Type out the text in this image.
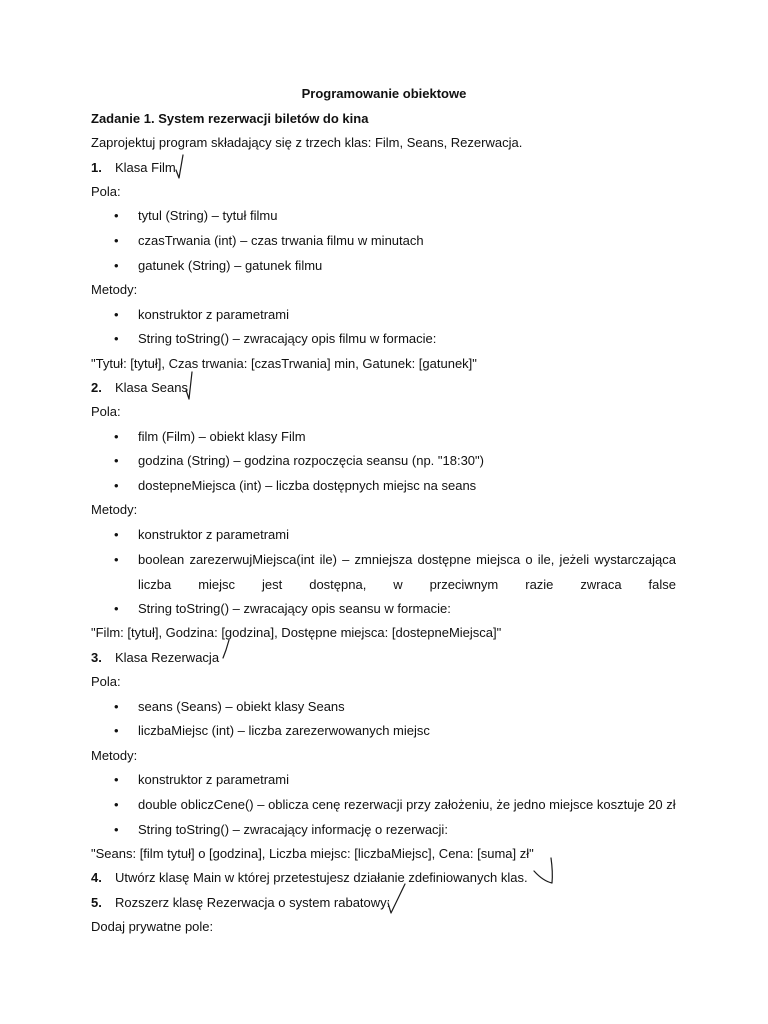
Programowanie obiektowe
Zadanie 1. System rezerwacji biletów do kina
Zaprojektuj program składający się z trzech klas: Film, Seans, Rezerwacja.
1. Klasa Film
Pola:
• tytul (String) – tytuł filmu
• czasTrwania (int) – czas trwania filmu w minutach
• gatunek (String) – gatunek filmu
Metody:
• konstruktor z parametrami
• String toString() – zwracający opis filmu w formacie:
"Tytuł: [tytuł], Czas trwania: [czasTrwania] min, Gatunek: [gatunek]"
2. Klasa Seans
Pola:
• film (Film) – obiekt klasy Film
• godzina (String) – godzina rozpoczęcia seansu (np. "18:30")
• dostepneMiejsca (int) – liczba dostępnych miejsc na seans
Metody:
• konstruktor z parametrami
• boolean zarezerwujMiejsca(int ile) – zmniejsza dostępne miejsca o ile, jeżeli wystarczająca liczba miejsc jest dostępna, w przeciwnym razie zwraca false
• String toString() – zwracający opis seansu w formacie:
"Film: [tytuł], Godzina: [godzina], Dostępne miejsca: [dostepneMiejsca]"
3. Klasa Rezerwacja
Pola:
• seans (Seans) – obiekt klasy Seans
• liczbaMiejsc (int) – liczba zarezerwowanych miejsc
Metody:
• konstruktor z parametrami
• double obliczCene() – oblicza cenę rezerwacji przy założeniu, że jedno miejsce kosztuje 20 zł
• String toString() – zwracający informację o rezerwacji:
"Seans: [film tytuł] o [godzina], Liczba miejsc: [liczbaMiejsc], Cena: [suma] zł"
4. Utwórz klasę Main w której przetestujesz działanie zdefiniowanych klas.
5. Rozszerz klasę Rezerwacja o system rabatowy:
Dodaj prywatne pole:
